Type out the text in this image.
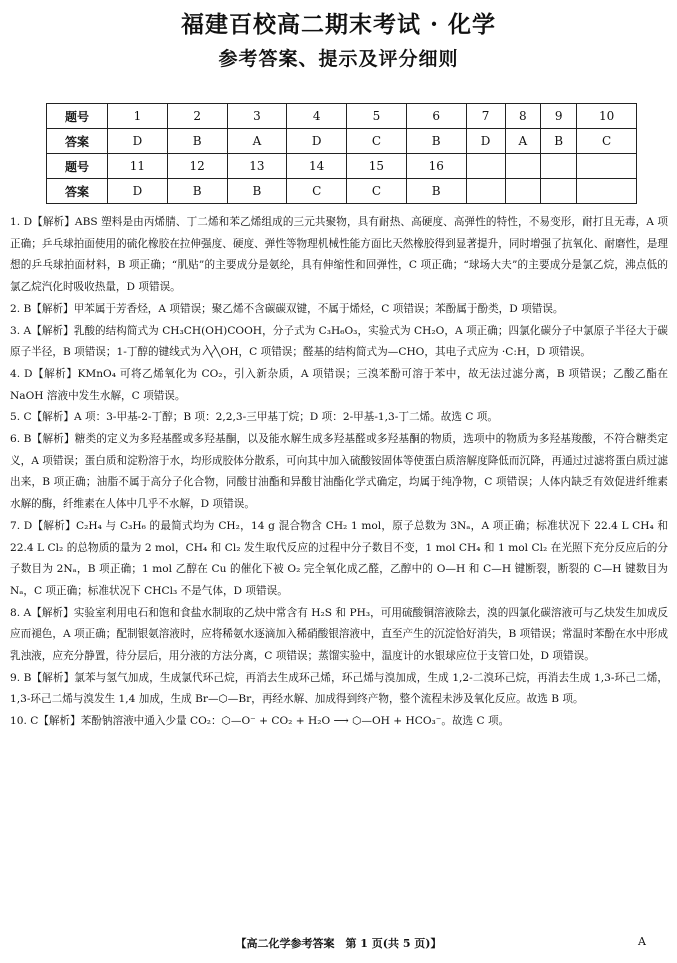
福建百校高二期末考试 · 化学
参考答案、提示及评分细则
题号	1	2	3	4	5	6	7	8	9	10
答案	D	B	A	D	C	B	D	A	B	C
题号	11	12	13	14	15	16				
答案	D	B	B	C	C	B				

1. D【解析】ABS 塑料是由丙烯腈、丁二烯和苯乙烯组成的三元共聚物，具有耐热、高硬度、高弹性的特性，不易变形，耐打且无毒，A 项正确；乒乓球拍面使用的硫化橡胶在拉伸强度、硬度、弹性等物理机械性能方面比天然橡胶得到显著提升，同时增强了抗氧化、耐磨性，是理想的乒乓球拍面材料，B 项正确；“肌贴”的主要成分是氨纶，具有伸缩性和回弹性，C 项正确；“球场大夫”的主要成分是氯乙烷，沸点低的氯乙烷汽化时吸收热量，D 项错误。

2. B【解析】甲苯属于芳香烃，A 项错误；聚乙烯不含碳碳双键，不属于烯烃，C 项错误；苯酚属于酚类，D 项错误。

3. A【解析】乳酸的结构简式为 CH₃CH(OH)COOH，分子式为 C₃H₆O₃，实验式为 CH₂O，A 项正确；四氯化碳分子中氯原子半径大于碳原子半径，B 项错误；1-丁醇的键线式为 ⁄╲⁄╲OH，C 项错误；醛基的结构简式为—CHO，其电子式应为 ·C:H，D 项错误。

4. D【解析】KMnO₄ 可将乙烯氧化为 CO₂，引入新杂质，A 项错误；三溴苯酚可溶于苯中，故无法过滤分离，B 项错误；乙酸乙酯在 NaOH 溶液中发生水解，C 项错误。

5. C【解析】A 项：3-甲基-2-丁醇；B 项：2,2,3-三甲基丁烷；D 项：2-甲基-1,3-丁二烯。故选 C 项。

6. B【解析】糖类的定义为多羟基醛或多羟基酮，以及能水解生成多羟基醛或多羟基酮的物质，选项中的物质为多羟基羧酸，不符合糖类定义，A 项错误；蛋白质和淀粉溶于水，均形成胶体分散系，可向其中加入硫酸铵固体等使蛋白质溶解度降低而沉降，再通过过滤将蛋白质过滤出来，B 项正确；油脂不属于高分子化合物，同酸甘油酯和异酸甘油酯化学式确定，均属于纯净物，C 项错误；人体内缺乏有效促进纤维素水解的酶，纤维素在人体中几乎不水解，D 项错误。

7. D【解析】C₂H₄ 与 C₃H₆ 的最简式均为 CH₂，14 g 混合物含 CH₂ 1 mol，原子总数为 3Nₐ，A 项正确；标准状况下 22.4 L CH₄ 和 22.4 L Cl₂ 的总物质的量为 2 mol，CH₄ 和 Cl₂ 发生取代反应的过程中分子数目不变，1 mol CH₄ 和 1 mol Cl₂ 在光照下充分反应后的分子数目为 2Nₐ，B 项正确；1 mol 乙醇在 Cu 的催化下被 O₂ 完全氧化成乙醛，乙醇中的 O—H 和 C—H 键断裂，断裂的 C—H 键数目为 Nₐ，C 项正确；标准状况下 CHCl₃ 不是气体，D 项错误。

8. A【解析】实验室利用电石和饱和食盐水制取的乙炔中常含有 H₂S 和 PH₃，可用硫酸铜溶液除去，溴的四氯化碳溶液可与乙炔发生加成反应而褪色，A 项正确；配制银氨溶液时，应将稀氨水逐滴加入稀硝酸银溶液中，直至产生的沉淀恰好消失，B 项错误；常温时苯酚在水中形成乳浊液，应充分静置，待分层后，用分液的方法分离，C 项错误；蒸馏实验中，温度计的水银球应位于支管口处，D 项错误。

9. B【解析】氯苯与氢气加成，生成氯代环己烷，再消去生成环己烯，环己烯与溴加成，生成 1,2-二溴环己烷，再消去生成 1,3-环己二烯，1,3-环己二烯与溴发生 1,4 加成，生成 Br—⬡—Br，再经水解、加成得到终产物，整个流程未涉及氧化反应。故选 B 项。

10. C【解析】苯酚钠溶液中通入少量 CO₂：⬡—O⁻ + CO₂ + H₂O ⟶ ⬡—OH + HCO₃⁻。故选 C 项。

【高二化学参考答案　第 1 页(共 5 页)】	A
